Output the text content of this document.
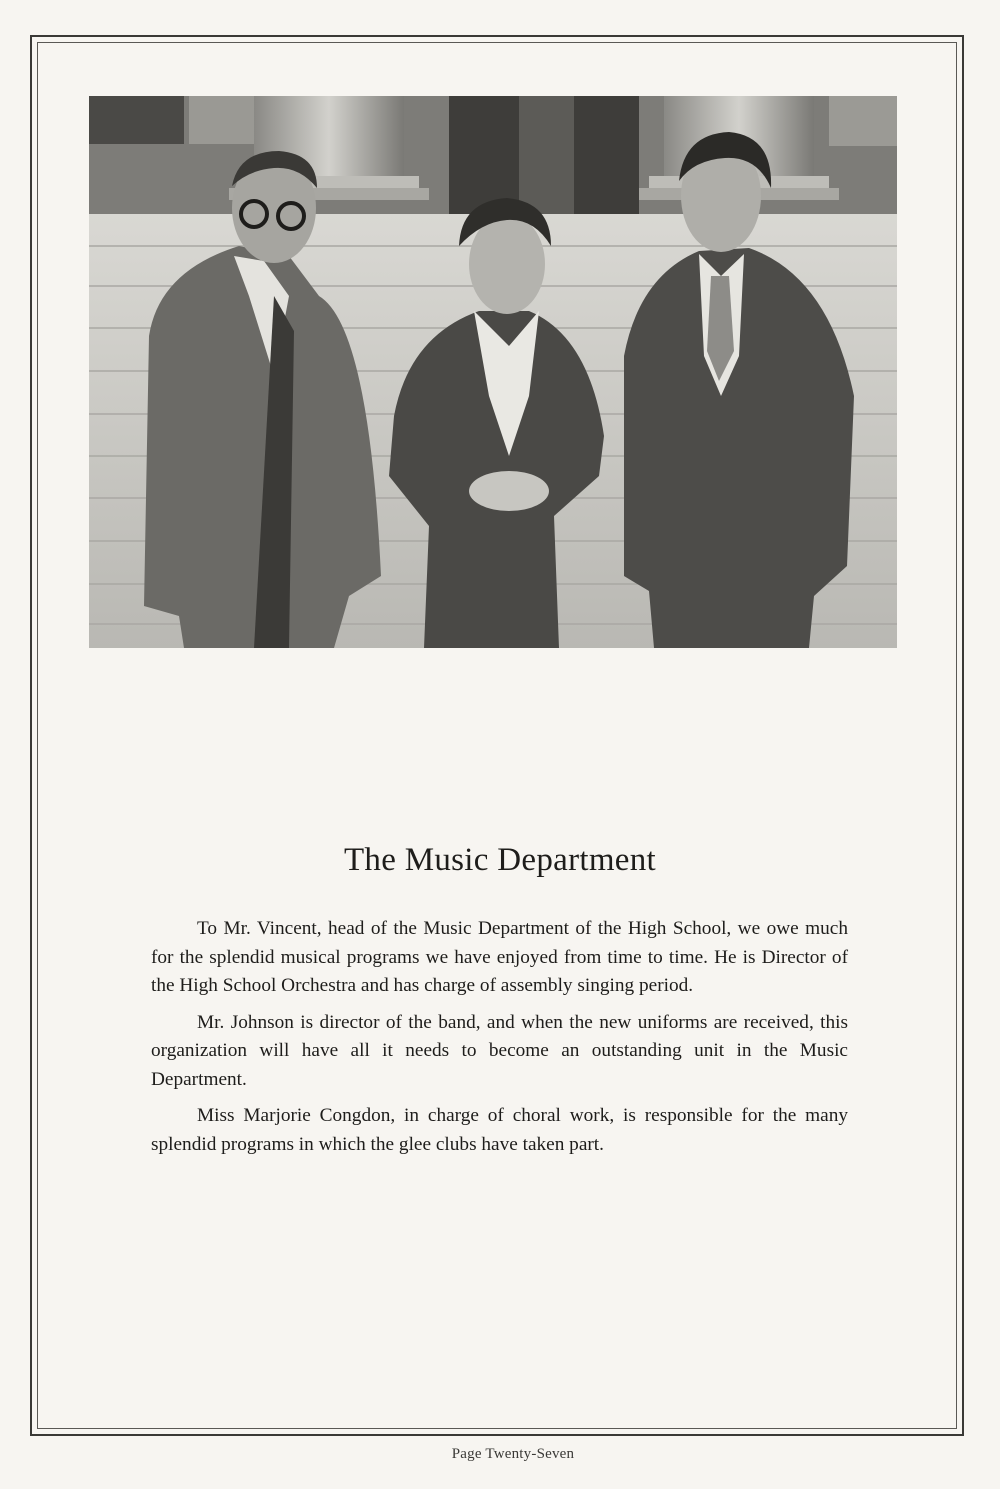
The Music Department

To Mr. Vincent, head of the Music Department of the High School, we owe much for the splendid musical programs we have enjoyed from time to time. He is Director of the High School Orchestra and has charge of assembly singing period.

Mr. Johnson is director of the band, and when the new uniforms are received, this organization will have all it needs to become an outstanding unit in the Music Department.

Miss Marjorie Congdon, in charge of choral work, is responsible for the many splendid programs in which the glee clubs have taken part.

Page Twenty-Seven
